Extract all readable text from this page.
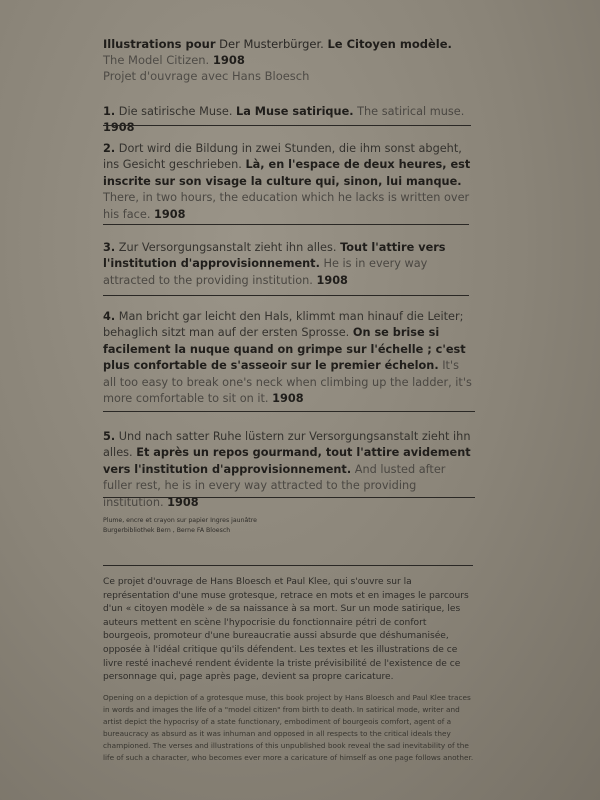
Illustrations pour Der Musterbürger. Le Citoyen modèle.
The Model Citizen. 1908
Projet d'ouvrage avec Hans Bloesch
1. Die satirische Muse. La Muse satirique. The satirical muse. 1908
2. Dort wird die Bildung in zwei Stunden, die ihm sonst abgeht, ins Gesicht geschrieben. Là, en l'espace de deux heures, est inscrite sur son visage la culture qui, sinon, lui manque. There, in two hours, the education which he lacks is written over his face. 1908
3. Zur Versorgungsanstalt zieht ihn alles. Tout l'attire vers l'institution d'approvisionnement. He is in every way attracted to the providing institution. 1908
4. Man bricht gar leicht den Hals, klimmt man hinauf die Leiter; behaglich sitzt man auf der ersten Sprosse. On se brise si facilement la nuque quand on grimpe sur l'échelle ; c'est plus confortable de s'asseoir sur le premier échelon. It's all too easy to break one's neck when climbing up the ladder, it's more comfortable to sit on it. 1908
5. Und nach satter Ruhe lüstern zur Versorgungsanstalt zieht ihn alles. Et après un repos gourmand, tout l'attire avidement vers l'institution d'approvisionnement. And lusted after fuller rest, he is in every way attracted to the providing institution. 1908
Plume, encre et crayon sur papier Ingres jaunâtre
Burgerbibliothek Bern , Berne FA Bloesch
Ce projet d'ouvrage de Hans Bloesch et Paul Klee, qui s'ouvre sur la représentation d'une muse grotesque, retrace en mots et en images le parcours d'un « citoyen modèle » de sa naissance à sa mort. Sur un mode satirique, les auteurs mettent en scène l'hypocrisie du fonctionnaire pétri de confort bourgeois, promoteur d'une bureaucratie aussi absurde que déshumanisée, opposée à l'idéal critique qu'ils défendent. Les textes et les illustrations de ce livre resté inachevé rendent évidente la triste prévisibilité de l'existence de ce personnage qui, page après page, devient sa propre caricature.
Opening on a depiction of a grotesque muse, this book project by Hans Bloesch and Paul Klee traces in words and images the life of a "model citizen" from birth to death. In satirical mode, writer and artist depict the hypocrisy of a state functionary, embodiment of bourgeois comfort, agent of a bureaucracy as absurd as it was inhuman and opposed in all respects to the critical ideals they championed. The verses and illustrations of this unpublished book reveal the sad inevitability of the life of such a character, who becomes ever more a caricature of himself as one page follows another.
